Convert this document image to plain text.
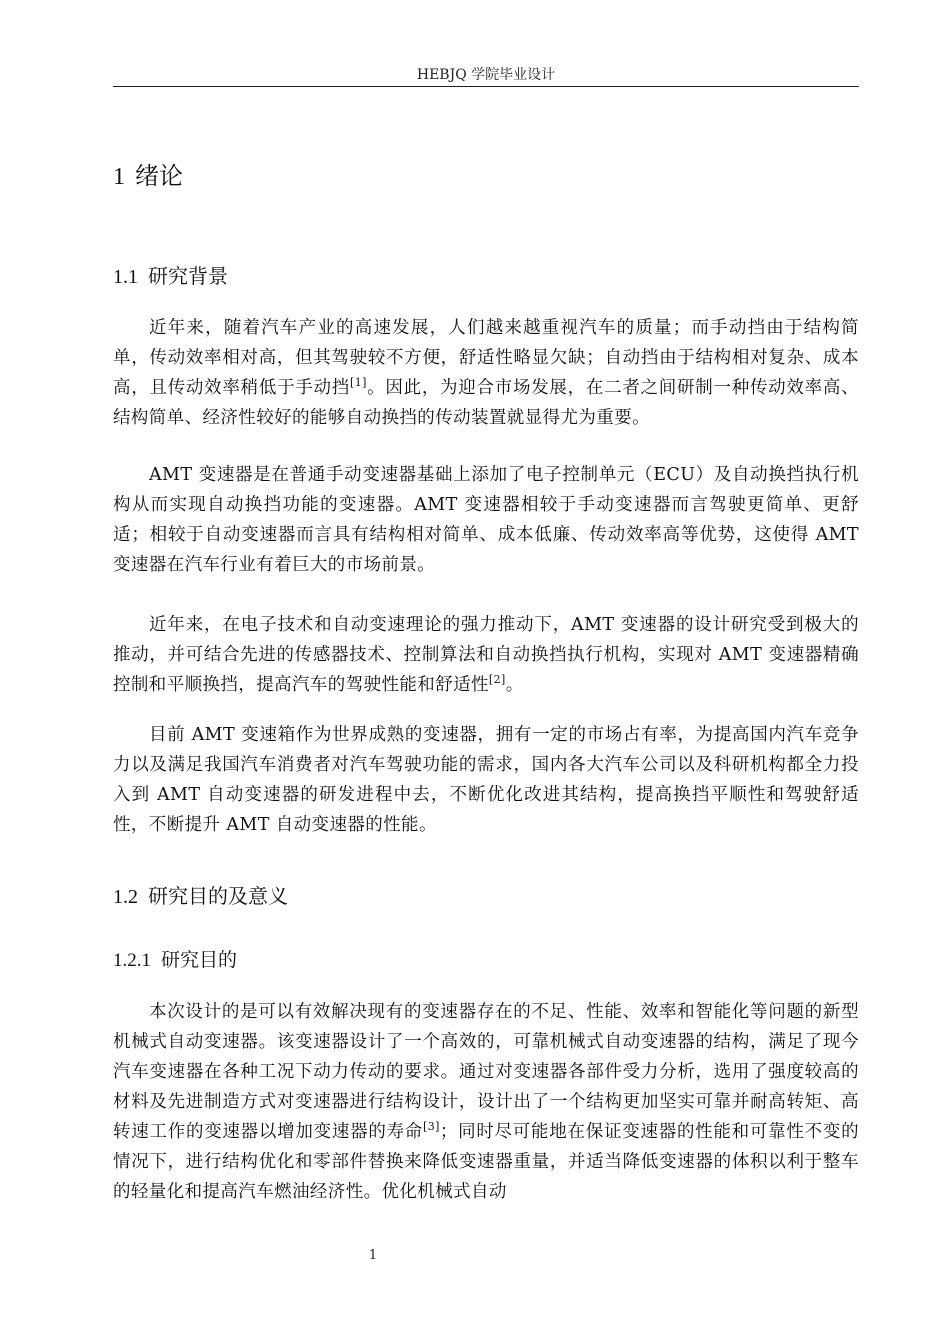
HEBJQ 学院毕业设计
1 绪论
1.1 研究背景

近年来，随着汽车产业的高速发展，人们越来越重视汽车的质量；而手动挡由于结构简单，传动效率相对高，但其驾驶较不方便，舒适性略显欠缺；自动挡由于结构相对复杂、成本高，且传动效率稍低于手动挡[1]。因此，为迎合市场发展，在二者之间研制一种传动效率高、结构简单、经济性较好的能够自动换挡的传动装置就显得尤为重要。

AMT 变速器是在普通手动变速器基础上添加了电子控制单元（ECU）及自动换挡执行机构从而实现自动换挡功能的变速器。AMT 变速器相较于手动变速器而言驾驶更简单、更舒适；相较于自动变速器而言具有结构相对简单、成本低廉、传动效率高等优势，这使得 AMT 变速器在汽车行业有着巨大的市场前景。

近年来，在电子技术和自动变速理论的强力推动下，AMT 变速器的设计研究受到极大的推动，并可结合先进的传感器技术、控制算法和自动换挡执行机构，实现对 AMT 变速器精确控制和平顺换挡，提高汽车的驾驶性能和舒适性[2]。

目前 AMT 变速箱作为世界成熟的变速器，拥有一定的市场占有率，为提高国内汽车竞争力以及满足我国汽车消费者对汽车驾驶功能的需求，国内各大汽车公司以及科研机构都全力投入到 AMT 自动变速器的研发进程中去，不断优化改进其结构，提高换挡平顺性和驾驶舒适性，不断提升 AMT 自动变速器的性能。

1.2 研究目的及意义
1.2.1 研究目的

本次设计的是可以有效解决现有的变速器存在的不足、性能、效率和智能化等问题的新型机械式自动变速器。该变速器设计了一个高效的，可靠机械式自动变速器的结构，满足了现今汽车变速器在各种工况下动力传动的要求。通过对变速器各部件受力分析，选用了强度较高的材料及先进制造方式对变速器进行结构设计，设计出了一个结构更加坚实可靠并耐高转矩、高转速工作的变速器以增加变速器的寿命[3]；同时尽可能地在保证变速器的性能和可靠性不变的情况下，进行结构优化和零部件替换来降低变速器重量，并适当降低变速器的体积以利于整车的轻量化和提高汽车燃油经济性。优化机械式自动

1
